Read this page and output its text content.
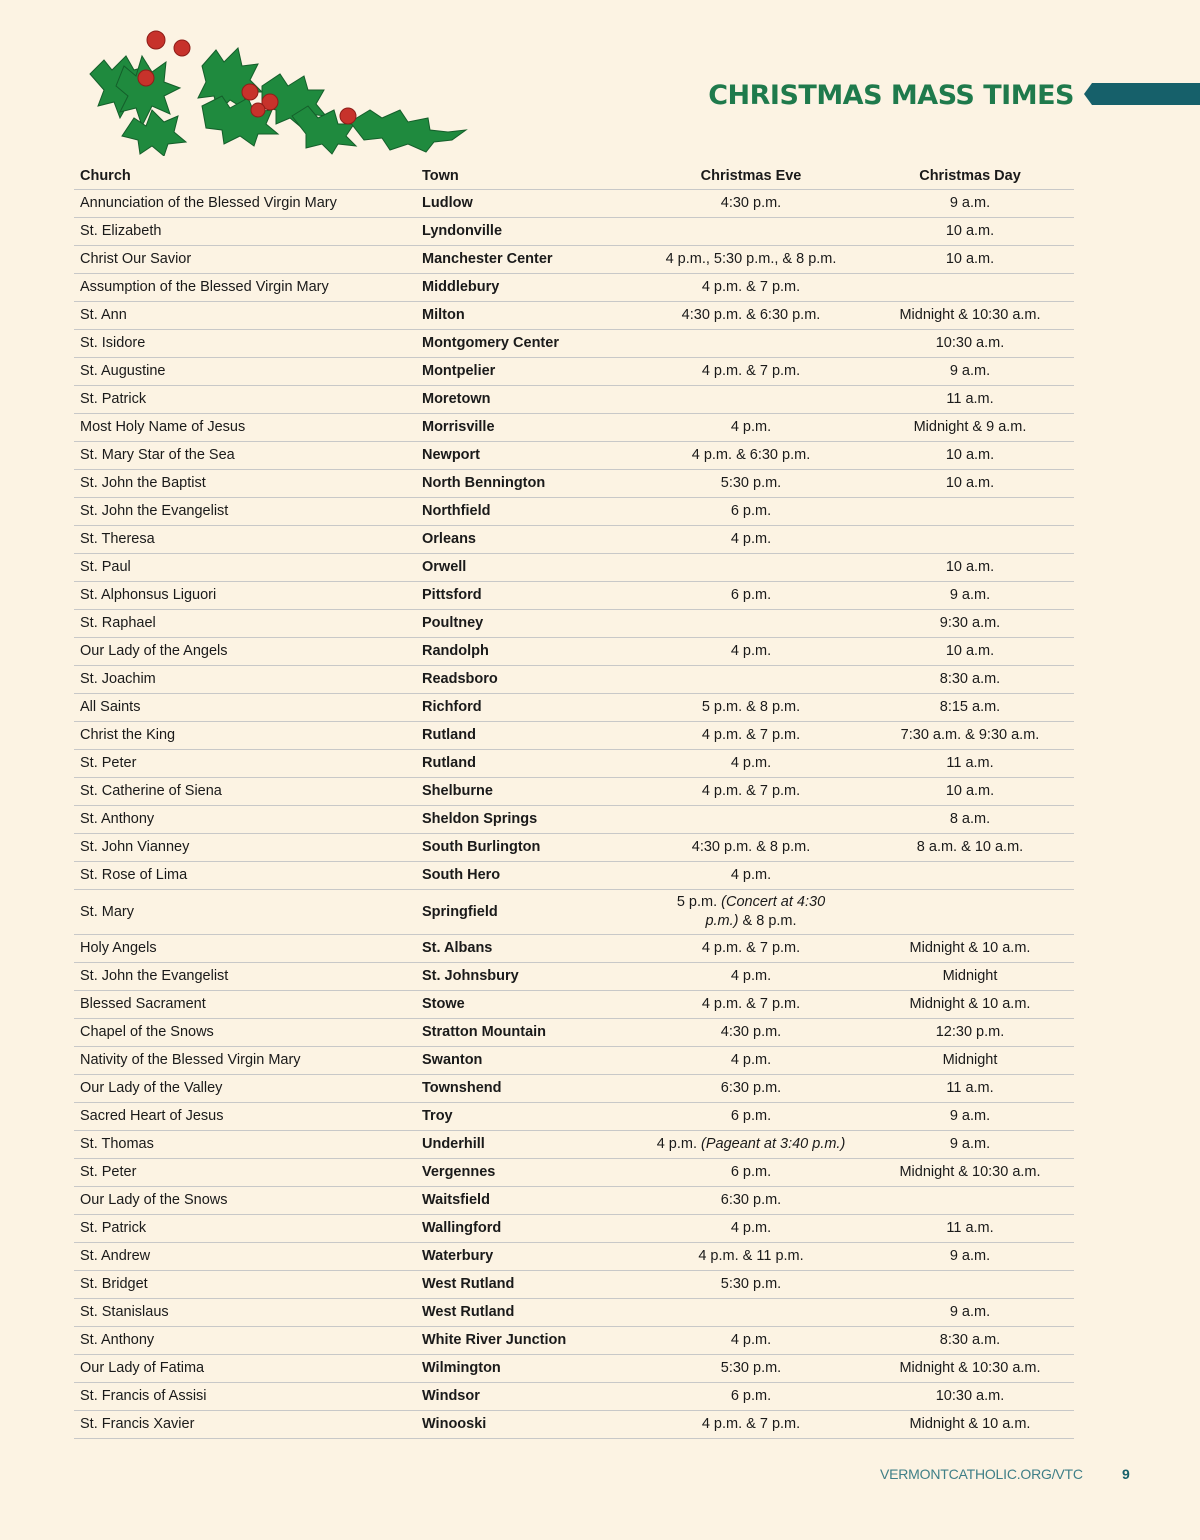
CHRISTMAS MASS TIMES
Church	Town	Christmas Eve	Christmas Day
Annunciation of the Blessed Virgin Mary	Ludlow	4:30 p.m.	9 a.m.
St. Elizabeth	Lyndonville		10 a.m.
Christ Our Savior	Manchester Center	4 p.m., 5:30 p.m., & 8 p.m.	10 a.m.
Assumption of the Blessed Virgin Mary	Middlebury	4 p.m. & 7 p.m.	
St. Ann	Milton	4:30 p.m. & 6:30 p.m.	Midnight & 10:30 a.m.
St. Isidore	Montgomery Center		10:30 a.m.
St. Augustine	Montpelier	4 p.m. & 7 p.m.	9 a.m.
St. Patrick	Moretown		11 a.m.
Most Holy Name of Jesus	Morrisville	4 p.m.	Midnight & 9 a.m.
St. Mary Star of the Sea	Newport	4 p.m. & 6:30 p.m.	10 a.m.
St. John the Baptist	North Bennington	5:30 p.m.	10 a.m.
St. John the Evangelist	Northfield	6 p.m.	
St. Theresa	Orleans	4 p.m.	
St. Paul	Orwell		10 a.m.
St. Alphonsus Liguori	Pittsford	6 p.m.	9 a.m.
St. Raphael	Poultney		9:30 a.m.
Our Lady of the Angels	Randolph	4 p.m.	10 a.m.
St. Joachim	Readsboro		8:30 a.m.
All Saints	Richford	5 p.m. & 8 p.m.	8:15 a.m.
Christ the King	Rutland	4 p.m. & 7 p.m.	7:30 a.m. & 9:30 a.m.
St. Peter	Rutland	4 p.m.	11 a.m.
St. Catherine of Siena	Shelburne	4 p.m. & 7 p.m.	10 a.m.
St. Anthony	Sheldon Springs		8 a.m.
St. John Vianney	South Burlington	4:30 p.m. & 8 p.m.	8 a.m. & 10 a.m.
St. Rose of Lima	South Hero	4 p.m.	
St. Mary	Springfield	5 p.m. (Concert at 4:30 p.m.) & 8 p.m.	
Holy Angels	St. Albans	4 p.m. & 7 p.m.	Midnight & 10 a.m.
St. John the Evangelist	St. Johnsbury	4 p.m.	Midnight
Blessed Sacrament	Stowe	4 p.m. & 7 p.m.	Midnight & 10 a.m.
Chapel of the Snows	Stratton Mountain	4:30 p.m.	12:30 p.m.
Nativity of the Blessed Virgin Mary	Swanton	4 p.m.	Midnight
Our Lady of the Valley	Townshend	6:30 p.m.	11 a.m.
Sacred Heart of Jesus	Troy	6 p.m.	9 a.m.
St. Thomas	Underhill	4 p.m. (Pageant at 3:40 p.m.)	9 a.m.
St. Peter	Vergennes	6 p.m.	Midnight & 10:30 a.m.
Our Lady of the Snows	Waitsfield	6:30 p.m.	
St. Patrick	Wallingford	4 p.m.	11 a.m.
St. Andrew	Waterbury	4 p.m. & 11 p.m.	9 a.m.
St. Bridget	West Rutland	5:30 p.m.	
St. Stanislaus	West Rutland		9 a.m.
St. Anthony	White River Junction	4 p.m.	8:30 a.m.
Our Lady of Fatima	Wilmington	5:30 p.m.	Midnight & 10:30 a.m.
St. Francis of Assisi	Windsor	6 p.m.	10:30 a.m.
St. Francis Xavier	Winooski	4 p.m. & 7 p.m.	Midnight & 10 a.m.
VERMONTCATHOLIC.ORG/VTC	9
